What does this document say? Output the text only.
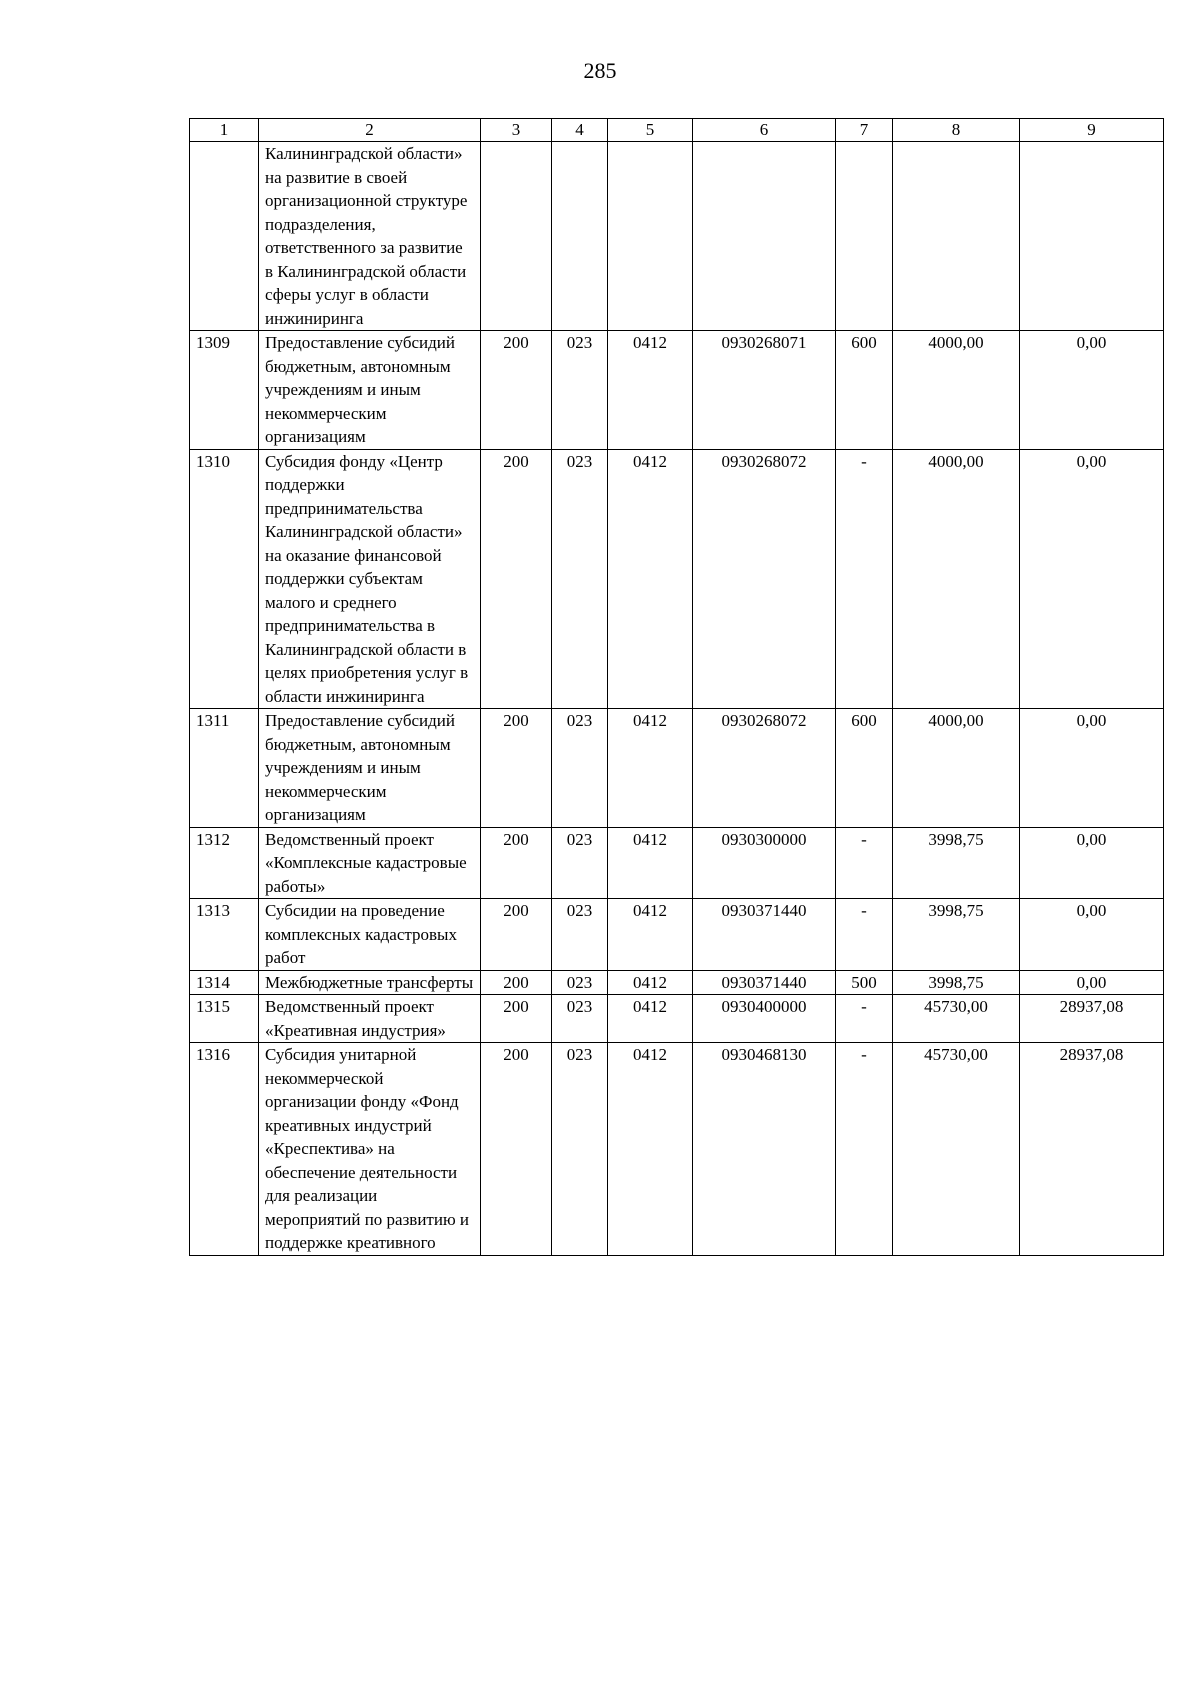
285
1	2	3	4	5	6	7	8	9
	Калининградской области» на развитие в своей организационной структуре подразделения, ответственного за развитие в Калининградской области сферы услуг в области инжиниринга							
1309	Предоставление субсидий бюджетным, автономным учреждениям и иным некоммерческим организациям	200	023	0412	0930268071	600	4000,00	0,00
1310	Субсидия фонду «Центр поддержки предпринимательства Калининградской области» на оказание финансовой поддержки субъектам малого и среднего предпринимательства в Калининградской области в целях приобретения услуг в области инжиниринга	200	023	0412	0930268072	-	4000,00	0,00
1311	Предоставление субсидий бюджетным, автономным учреждениям и иным некоммерческим организациям	200	023	0412	0930268072	600	4000,00	0,00
1312	Ведомственный проект «Комплексные кадастровые работы»	200	023	0412	0930300000	-	3998,75	0,00
1313	Субсидии на проведение комплексных кадастровых работ	200	023	0412	0930371440	-	3998,75	0,00
1314	Межбюджетные трансферты	200	023	0412	0930371440	500	3998,75	0,00
1315	Ведомственный проект «Креативная индустрия»	200	023	0412	0930400000	-	45730,00	28937,08
1316	Субсидия унитарной некоммерческой организации фонду «Фонд креативных индустрий «Креспектива» на обеспечение деятельности для реализации мероприятий по развитию и поддержке креативного	200	023	0412	0930468130	-	45730,00	28937,08
